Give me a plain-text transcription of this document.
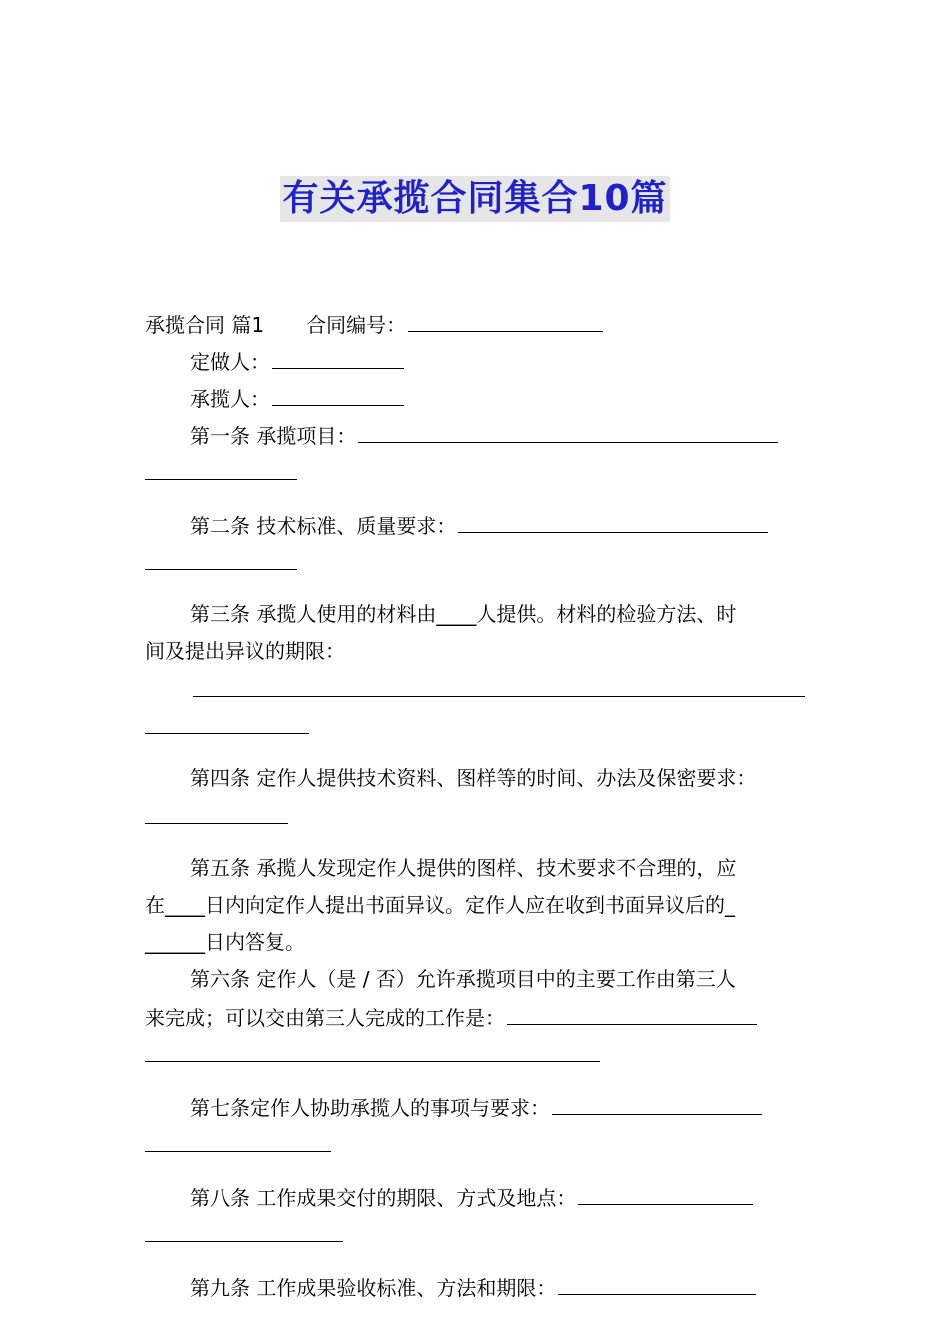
有关承揽合同集合10篇
承揽合同 篇1 合同编号：
定做人：
承揽人：
第一条 承揽项目：
第二条 技术标准、质量要求：
第三条 承揽人使用的材料由____人提供。材料的检验方法、时
间及提出异议的期限：
第四条 定作人提供技术资料、图样等的时间、办法及保密要求：
第五条 承揽人发现定作人提供的图样、技术要求不合理的，应
在____日内向定作人提出书面异议。定作人应在收到书面异议后的_
______日内答复。
第六条 定作人（是 / 否）允许承揽项目中的主要工作由第三人
来完成；可以交由第三人完成的工作是：
第七条定作人协助承揽人的事项与要求：
第八条 工作成果交付的期限、方式及地点：
第九条 工作成果验收标准、方法和期限：
